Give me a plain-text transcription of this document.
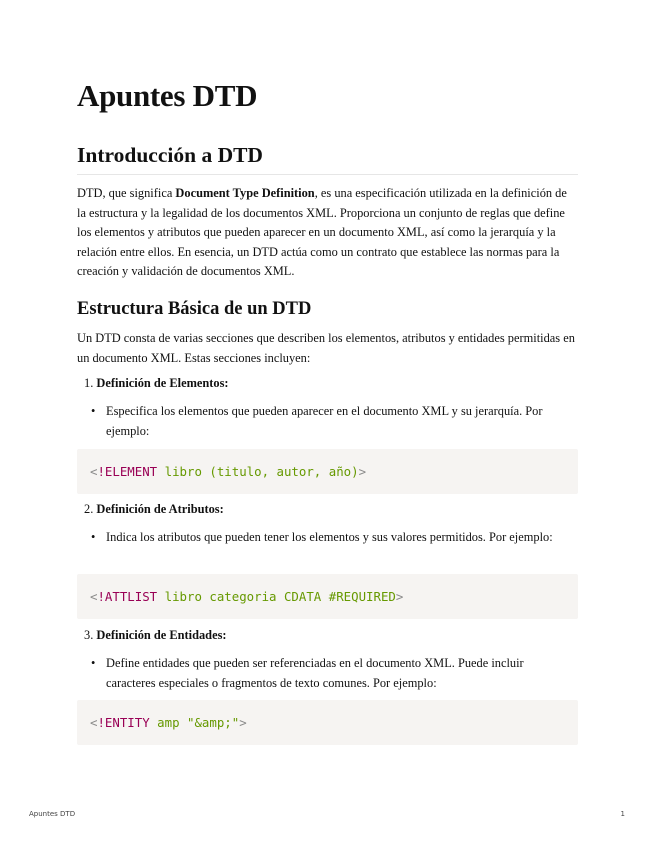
Apuntes DTD
Introducción a DTD

DTD, que significa Document Type Definition, es una especificación utilizada en la definición de la estructura y la legalidad de los documentos XML. Proporciona un conjunto de reglas que define los elementos y atributos que pueden aparecer en un documento XML, así como la jerarquía y la relación entre ellos. En esencia, un DTD actúa como un contrato que establece las normas para la creación y validación de documentos XML.

Estructura Básica de un DTD

Un DTD consta de varias secciones que describen los elementos, atributos y entidades permitidas en un documento XML. Estas secciones incluyen:

1. Definición de Elementos:
• Especifica los elementos que pueden aparecer en el documento XML y su jerarquía. Por ejemplo:
<!ELEMENT libro (titulo, autor, año)>
2. Definición de Atributos:
• Indica los atributos que pueden tener los elementos y sus valores permitidos. Por ejemplo:
<!ATTLIST libro categoria CDATA #REQUIRED>
3. Definición de Entidades:
• Define entidades que pueden ser referenciadas en el documento XML. Puede incluir caracteres especiales o fragmentos de texto comunes. Por ejemplo:
<!ENTITY amp "&amp;">
Apuntes DTD	1
